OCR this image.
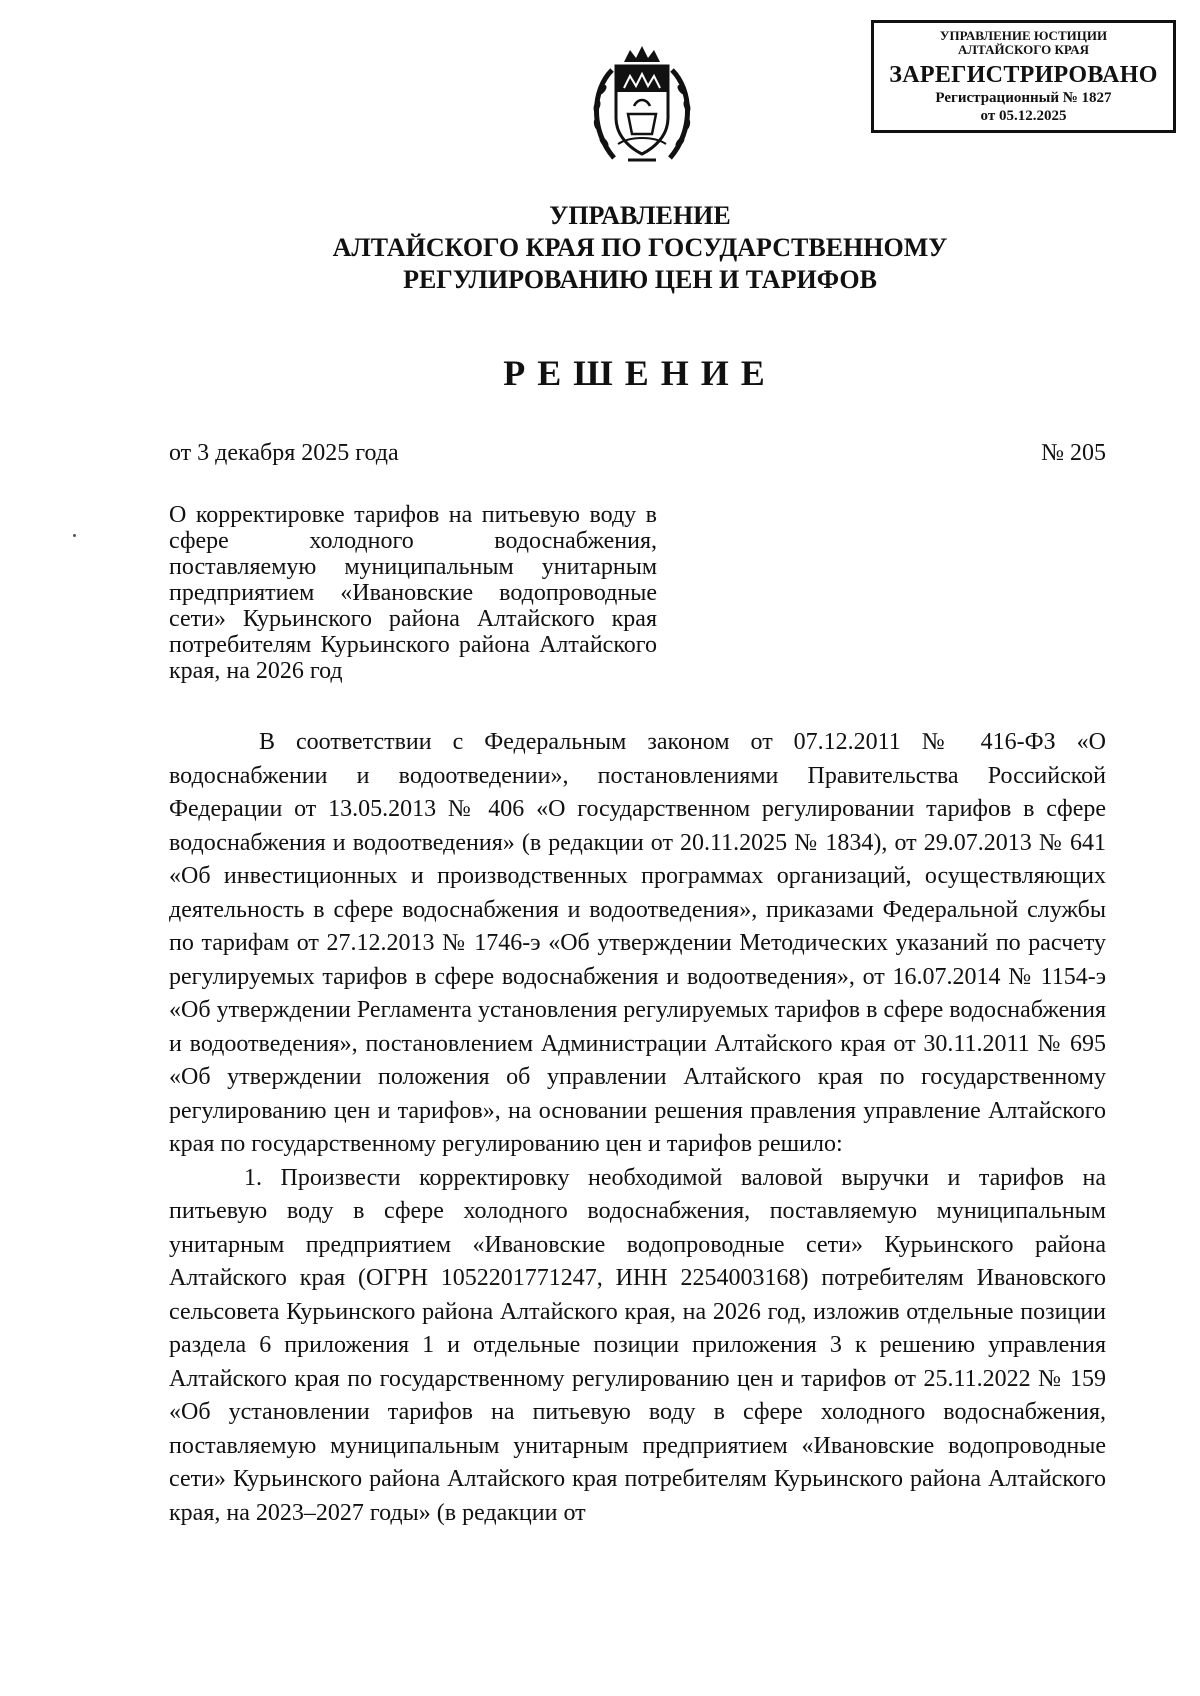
УПРАВЛЕНИЕ ЮСТИЦИИ
АЛТАЙСКОГО КРАЯ
ЗАРЕГИСТРИРОВАНО
Регистрационный № 1827
от 05.12.2025
УПРАВЛЕНИЕ
АЛТАЙСКОГО КРАЯ ПО ГОСУДАРСТВЕННОМУ
РЕГУЛИРОВАНИЮ ЦЕН И ТАРИФОВ
РЕШЕНИЕ
от 3 декабря 2025 года	№ 205
О корректировке тарифов на питьевую воду в сфере холодного водоснабжения, поставляемую муниципальным унитарным предприятием «Ивановские водопроводные сети» Курьинского района Алтайского края потребителям Курьинского района Алтайского края, на 2026 год

В соответствии с Федеральным законом от 07.12.2011 № 416-ФЗ «О водоснабжении и водоотведении», постановлениями Правительства Российской Федерации от 13.05.2013 № 406 «О государственном регулировании тарифов в сфере водоснабжения и водоотведения» (в редакции от 20.11.2025 № 1834), от 29.07.2013 № 641 «Об инвестиционных и производственных программах организаций, осуществляющих деятельность в сфере водоснабжения и водоотведения», приказами Федеральной службы по тарифам от 27.12.2013 № 1746-э «Об утверждении Методических указаний по расчету регулируемых тарифов в сфере водоснабжения и водоотведения», от 16.07.2014 № 1154-э «Об утверждении Регламента установления регулируемых тарифов в сфере водоснабжения и водоотведения», постановлением Администрации Алтайского края от 30.11.2011 № 695 «Об утверждении положения об управлении Алтайского края по государственному регулированию цен и тарифов», на основании решения правления управление Алтайского края по государственному регулированию цен и тарифов решило:

1. Произвести корректировку необходимой валовой выручки и тарифов на питьевую воду в сфере холодного водоснабжения, поставляемую муниципальным унитарным предприятием «Ивановские водопроводные сети» Курьинского района Алтайского края (ОГРН 1052201771247, ИНН 2254003168) потребителям Ивановского сельсовета Курьинского района Алтайского края, на 2026 год, изложив отдельные позиции раздела 6 приложения 1 и отдельные позиции приложения 3 к решению управления Алтайского края по государственному регулированию цен и тарифов от 25.11.2022 № 159 «Об установлении тарифов на питьевую воду в сфере холодного водоснабжения, поставляемую муниципальным унитарным предприятием «Ивановские водопроводные сети» Курьинского района Алтайского края потребителям Курьинского района Алтайского края, на 2023–2027 годы» (в редакции от
